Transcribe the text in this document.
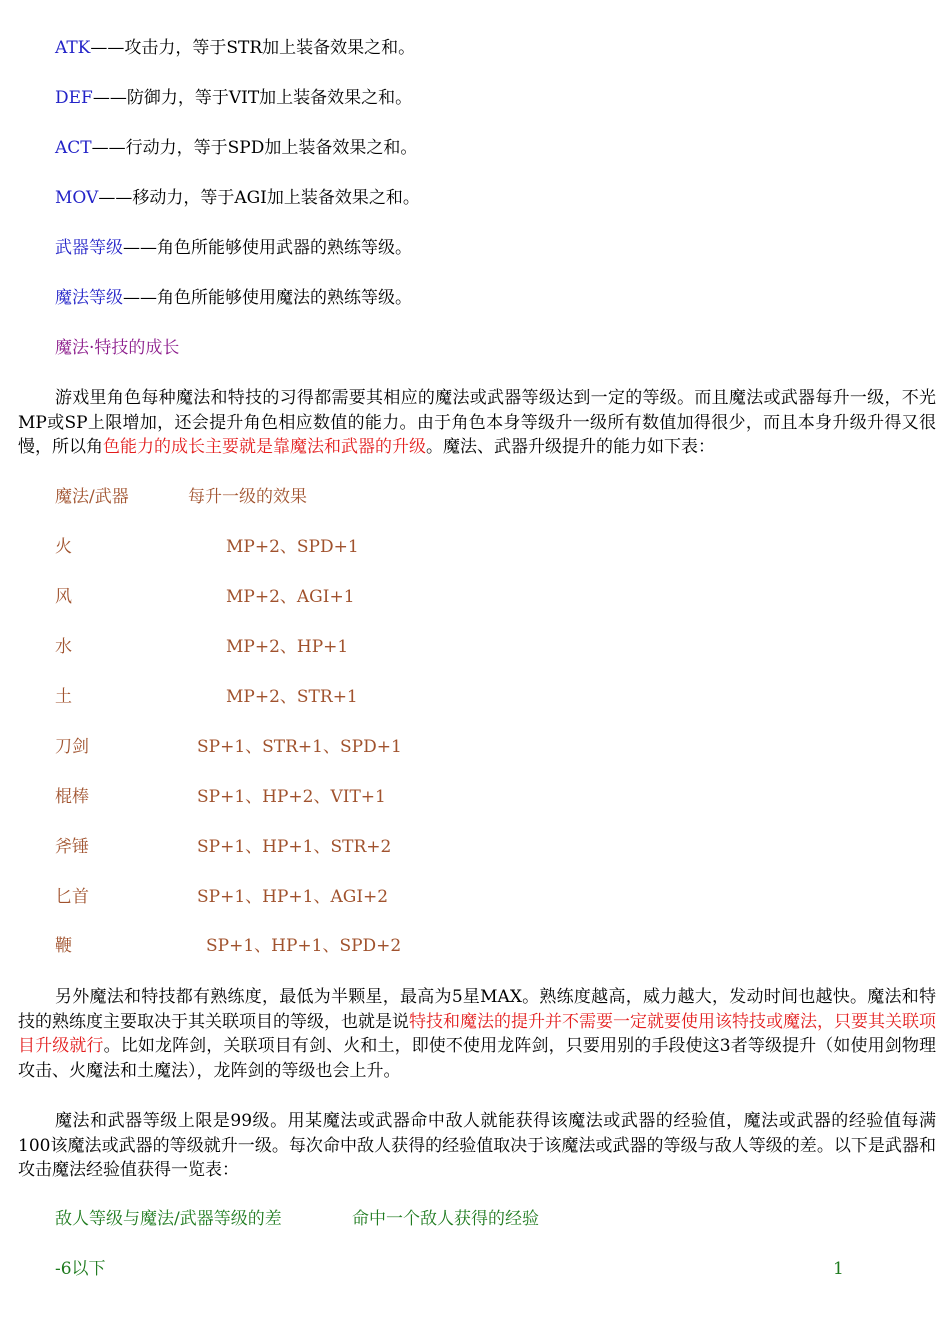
ATK——攻击力，等于STR加上装备效果之和。
DEF——防御力，等于VIT加上装备效果之和。
ACT——行动力，等于SPD加上装备效果之和。
MOV——移动力，等于AGI加上装备效果之和。
武器等级——角色所能够使用武器的熟练等级。
魔法等级——角色所能够使用魔法的熟练等级。
魔法·特技的成长

游戏里角色每种魔法和特技的习得都需要其相应的魔法或武器等级达到一定的等级。而且魔法或武器每升一级，不光MP或SP上限增加，还会提升角色相应数值的能力。由于角色本身等级升一级所有数值加得很少，而且本身升级升得又很慢，所以角色能力的成长主要就是靠魔法和武器的升级。魔法、武器升级提升的能力如下表：

魔法/武器	每升一级的效果
火	MP+2、SPD+1
风	MP+2、AGI+1
水	MP+2、HP+1
土	MP+2、STR+1
刀剑	SP+1、STR+1、SPD+1
棍棒	SP+1、HP+2、VIT+1
斧锤	SP+1、HP+1、STR+2
匕首	SP+1、HP+1、AGI+2
鞭	SP+1、HP+1、SPD+2

另外魔法和特技都有熟练度，最低为半颗星，最高为5星MAX。熟练度越高，威力越大，发动时间也越快。魔法和特技的熟练度主要取决于其关联项目的等级，也就是说特技和魔法的提升并不需要一定就要使用该特技或魔法，只要其关联项目升级就行。比如龙阵剑，关联项目有剑、火和土，即使不使用龙阵剑，只要用别的手段使这3者等级提升（如使用剑物理攻击、火魔法和土魔法），龙阵剑的等级也会上升。

魔法和武器等级上限是99级。用某魔法或武器命中敌人就能获得该魔法或武器的经验值，魔法或武器的经验值每满100该魔法或武器的等级就升一级。每次命中敌人获得的经验值取决于该魔法或武器的等级与敌人等级的差。以下是武器和攻击魔法经验值获得一览表：

敌人等级与魔法/武器等级的差	命中一个敌人获得的经验
-6以下	1
